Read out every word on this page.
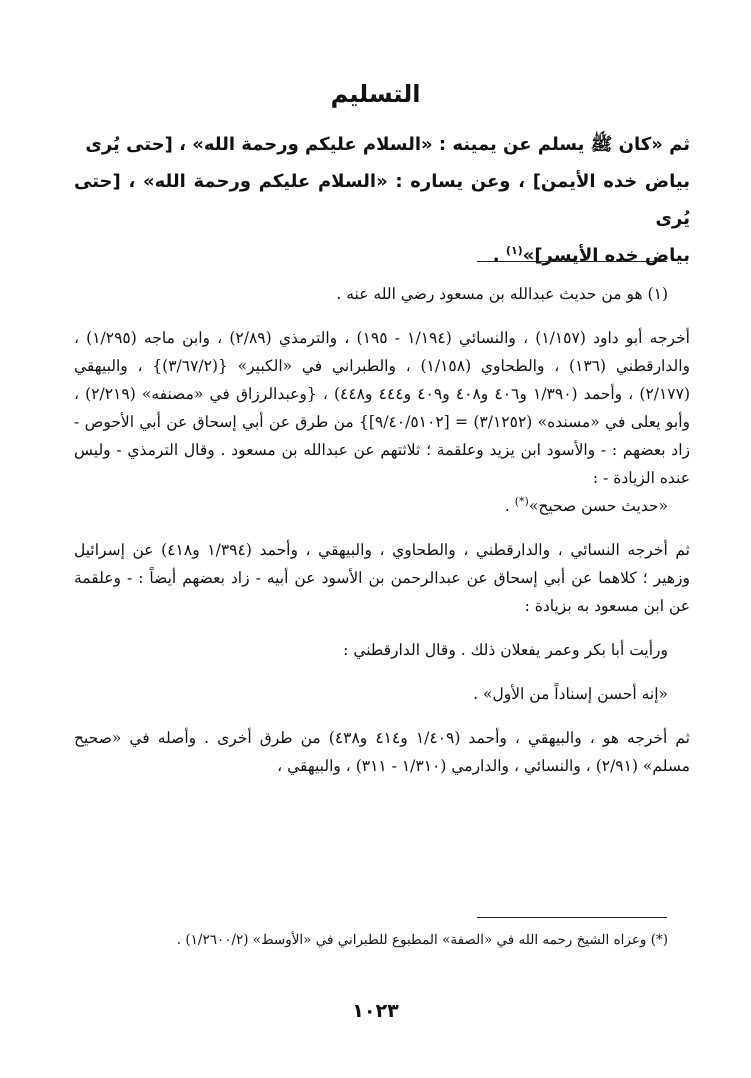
التسليم

ثم «كان ﷺ يسلم عن يمينه : «السلام عليكم ورحمة الله» ، [حتى يُرى

بياض خده الأيمن] ، وعن يساره : «السلام عليكم ورحمة الله» ، [حتى يُرى

بياض خده الأيسر]»$^{(١)}$ .

(١) هو من حديث عبدالله بن مسعود رضي الله عنه .

أخرجه أبو داود (١/١٥٧) ، والنسائي (١/١٩٤ - ١٩٥) ، والترمذي (٢/٨٩) ، وابن ماجه (١/٢٩٥) ، والدارقطني (١٣٦) ، والطحاوي (١/١٥٨) ، والطبراني في «الكبير» {(٣/٦٧/٢)} ، والبيهقي (٢/١٧٧) ، وأحمد (١/٣٩٠ و٤٠٦ و٤٠٨ و٤٠٩ و٤٤٤ و٤٤٨) ، {وعبدالرزاق في «مصنفه» (٢/٢١٩) ، وأبو يعلى في «مسنده» (٣/١٢٥٢) = [٩/٤٠/٥١٠٢]} من طرق عن أبي إسحاق عن أبي الأحوص - زاد بعضهم : - والأسود ابن يزيد وعلقمة ؛ ثلاثتهم عن عبدالله بن مسعود . وقال الترمذي - وليس عنده الزيادة - :

«حديث حسن صحيح»(*) .

ثم أخرجه النسائي ، والدارقطني ، والطحاوي ، والبيهقي ، وأحمد (١/٣٩٤ و٤١٨) عن إسرائيل وزهير ؛ كلاهما عن أبي إسحاق عن عبدالرحمن بن الأسود عن أبيه - زاد بعضهم أيضاً : - وعلقمة عن ابن مسعود به بزيادة :

ورأيت أبا بكر وعمر يفعلان ذلك . وقال الدارقطني :

«إنه أحسن إسناداً من الأول» .

ثم أخرجه هو ، والبيهقي ، وأحمد (١/٤٠٩ و٤١٤ و٤٣٨) من طرق أخرى . وأصله في «صحيح مسلم» (٢/٩١) ، والنسائي ، والدارمي (١/٣١٠ - ٣١١) ، والبيهقي ،

(*) وعزاه الشيخ رحمه الله في «الصفة» المطبوع للطبراني في «الأوسط» (١/٢٦٠٠/٢) .
١٠٢٣
